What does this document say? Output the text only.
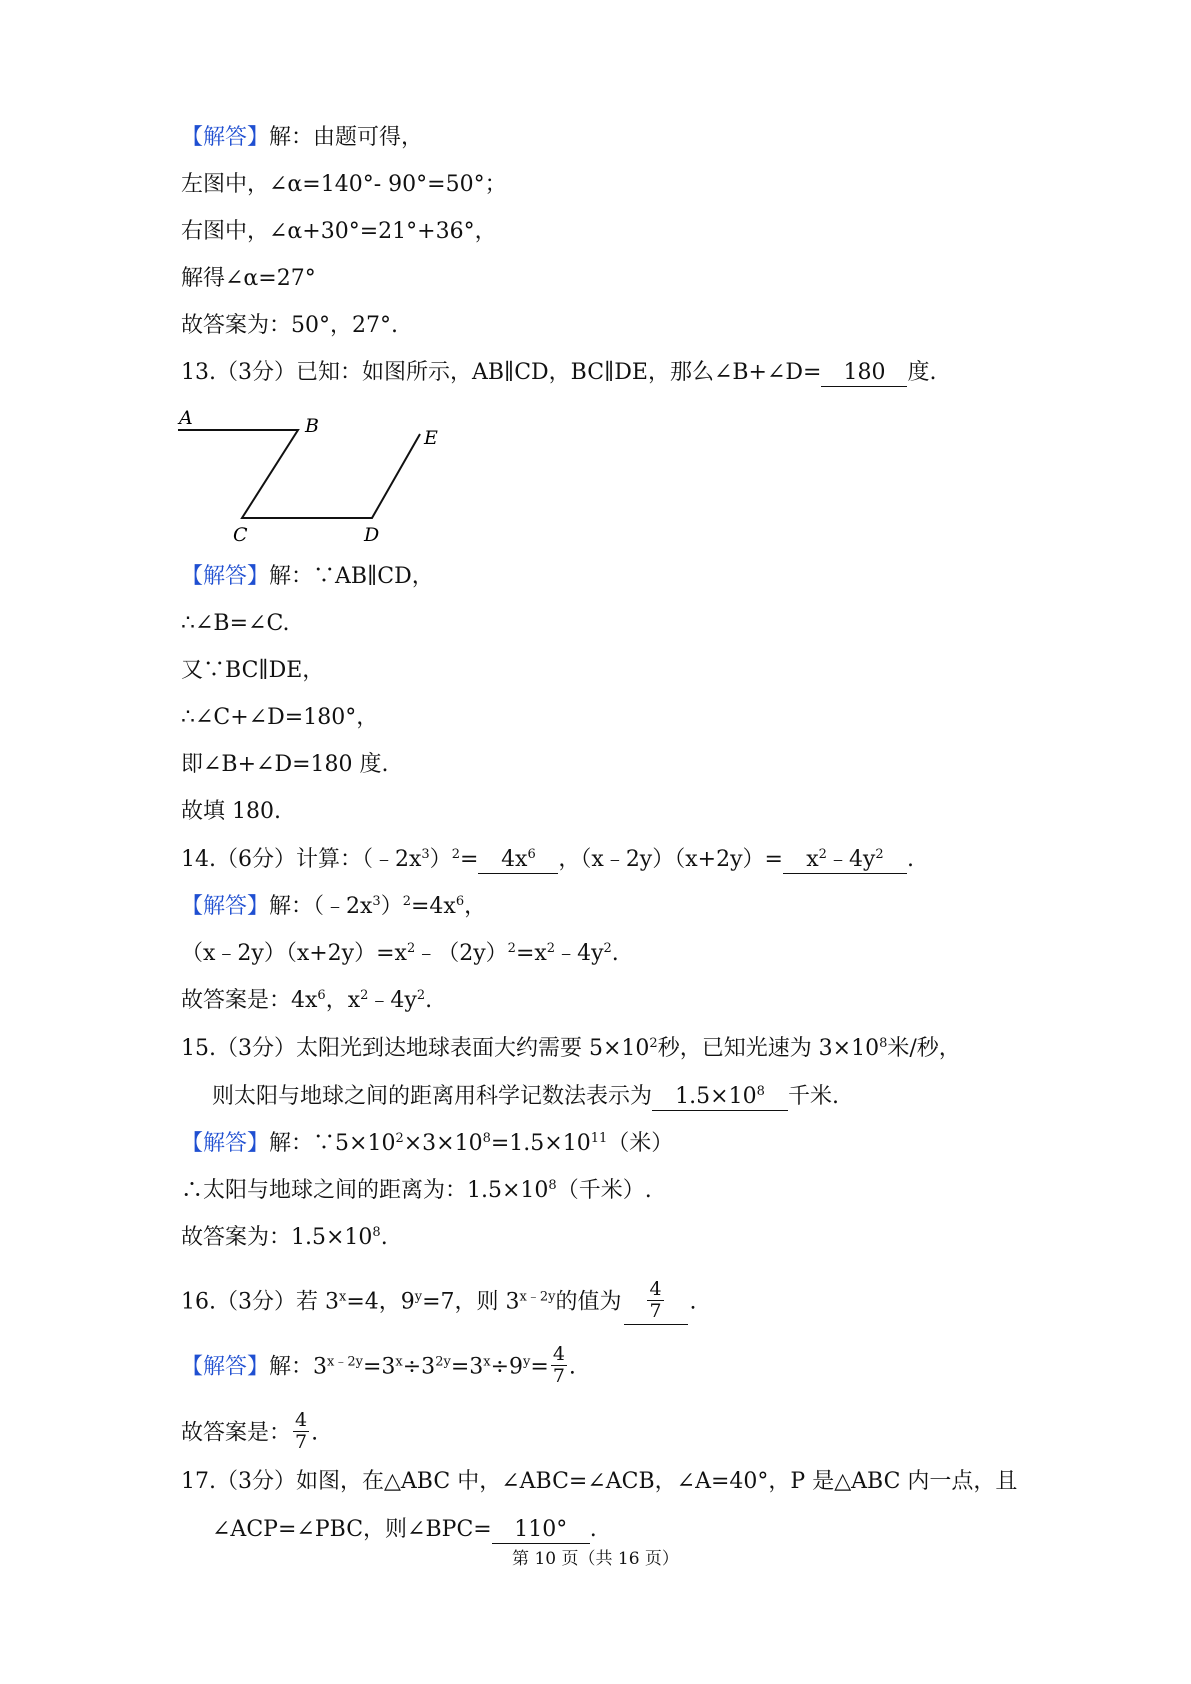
【解答】解：由题可得，
左图中，∠α=140°- 90°=50°；
右图中，∠α+30°=21°+36°，
解得∠α=27°
故答案为：50°，27°.
13.（3分）已知：如图所示，AB∥CD，BC∥DE，那么∠B+∠D= 180 度.
A	B
C	D
E
【解答】解：∵AB∥CD，
∴∠B=∠C.
又∵BC∥DE，
∴∠C+∠D=180°，
即∠B+∠D=180 度.
故填 180.
14.（6分）计算：$(﹣2x^3)^2= 4x^6$ ，（x﹣2y）（x+2y）= $x^2﹣4y^2$ .
【解答】解：$(﹣2x^3)^2=4x^6$，
$(x﹣2y)(x+2y)=x^2﹣(2y)^2=x^2﹣4y^2$.
故答案是：$4x^6$，$x^2﹣4y^2$.
15.（3分）太阳光到达地球表面大约需要 $5\times 10^2$秒，已知光速为 $3\times 10^8$米/秒，
则太阳与地球之间的距离用科学记数法表示为 $1.5\times 10^8$ 千米.
【解答】解：$\because 5\times 10^2\times 3\times 10^8=1.5\times 10^{11}$（米）
∴太阳与地球之间的距离为：$1.5\times 10^8$（千米）.
故答案为：$1.5\times 10^8$.
16.（3分）若 $3^x=4$，$9^y=7$，则 $3^{x﹣2y}$的值为 $\frac{4}{7}$ .
【解答】解：$3^{x﹣2y}=3^x\div 3^{2y}=3^x\div 9^y= \frac{4}{7}$ .
故答案是： $\frac{4}{7}$ .
17.（3分）如图，在△ABC 中，∠ABC=∠ACB，∠A=40°，P 是△ABC 内一点，且
∠ACP=∠PBC，则∠BPC= 110° .
第 10 页（共 16 页）
